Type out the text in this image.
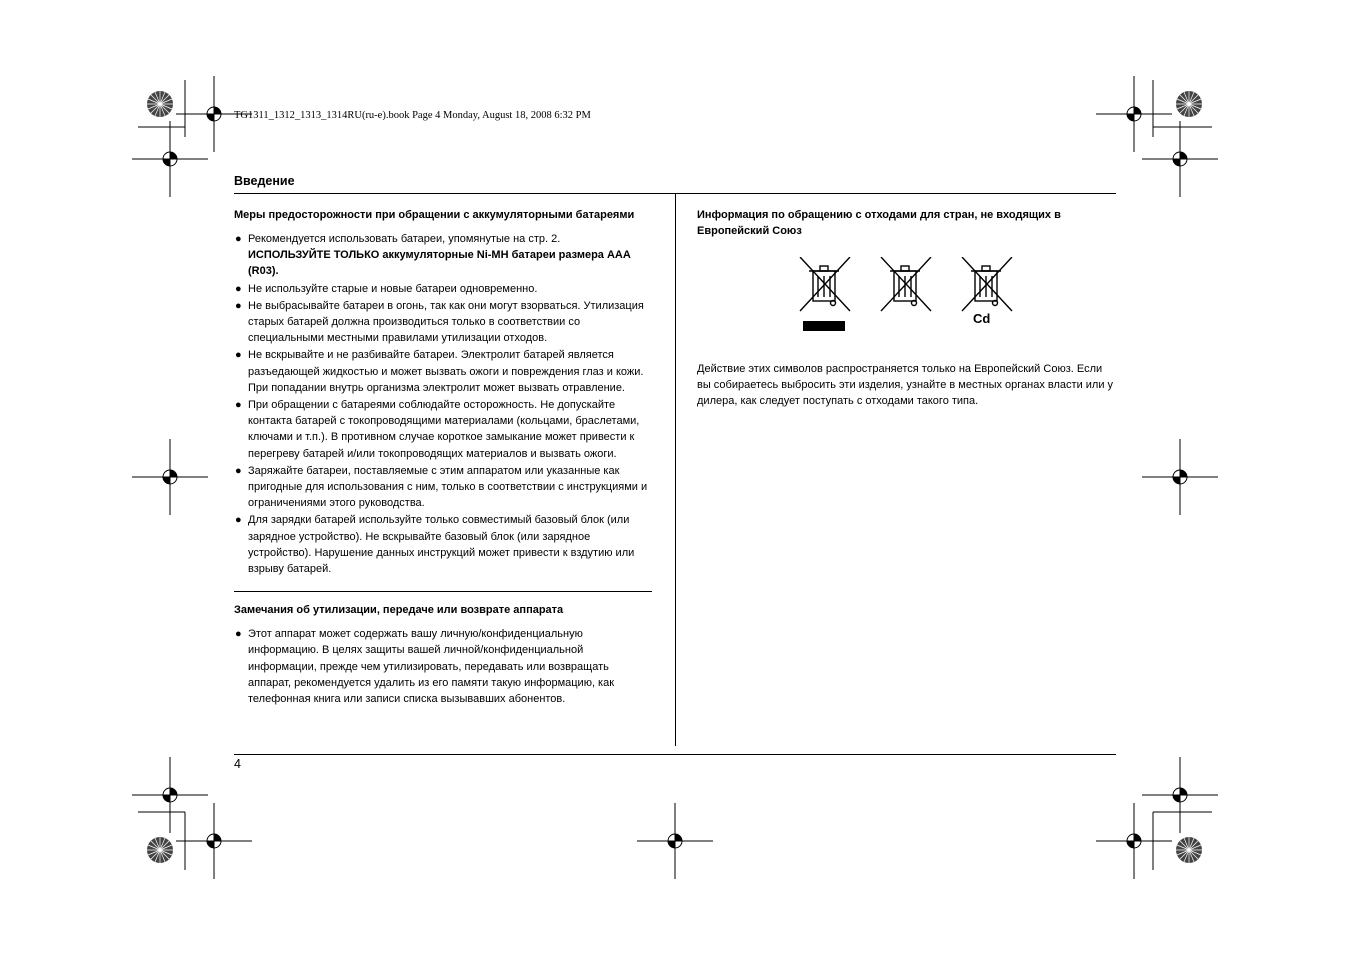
TG1311_1312_1313_1314RU(ru-e).book Page 4 Monday, August 18, 2008 6:32 PM
Введение
4
Меры предосторожности при обращении с аккумуляторными батареями
● Рекомендуется использовать батареи, упомянутые на стр. 2.
ИСПОЛЬЗУЙТЕ ТОЛЬКО аккумуляторные Ni-MH батареи размера AAA (R03).
● Не используйте старые и новые батареи одновременно.
● Не выбрасывайте батареи в огонь, так как они могут взорваться. Утилизация старых батарей должна производиться только в соответствии со специальными местными правилами утилизации отходов.
● Не вскрывайте и не разбивайте батареи. Электролит батарей является разъедающей жидкостью и может вызвать ожоги и повреждения глаз и кожи. При попадании внутрь организма электролит может вызвать отравление.
● При обращении с батареями соблюдайте осторожность. Не допускайте контакта батарей с токопроводящими материалами (кольцами, браслетами, ключами и т.п.). В противном случае короткое замыкание может привести к перегреву батарей и/или токопроводящих материалов и вызвать ожоги.
● Заряжайте батареи, поставляемые с этим аппаратом или указанные как пригодные для использования с ним, только в соответствии с инструкциями и ограничениями этого руководства.
● Для зарядки батарей используйте только совместимый базовый блок (или зарядное устройство). Не вскрывайте базовый блок (или зарядное устройство). Нарушение данных инструкций может привести к вздутию или взрыву батарей.
Замечания об утилизации, передаче или возврате аппарата
● Этот аппарат может содержать вашу личную/конфиденциальную информацию. В целях защиты вашей личной/конфиденциальной информации, прежде чем утилизировать, передавать или возвращать аппарат, рекомендуется удалить из его памяти такую информацию, как телефонная книга или записи списка вызывавших абонентов.
Информация по обращению с отходами для стран, не входящих в Европейский Союз
Cd
Действие этих символов распространяется только на Европейский Союз. Если вы собираетесь выбросить эти изделия, узнайте в местных органах власти или у дилера, как следует поступать с отходами такого типа.
